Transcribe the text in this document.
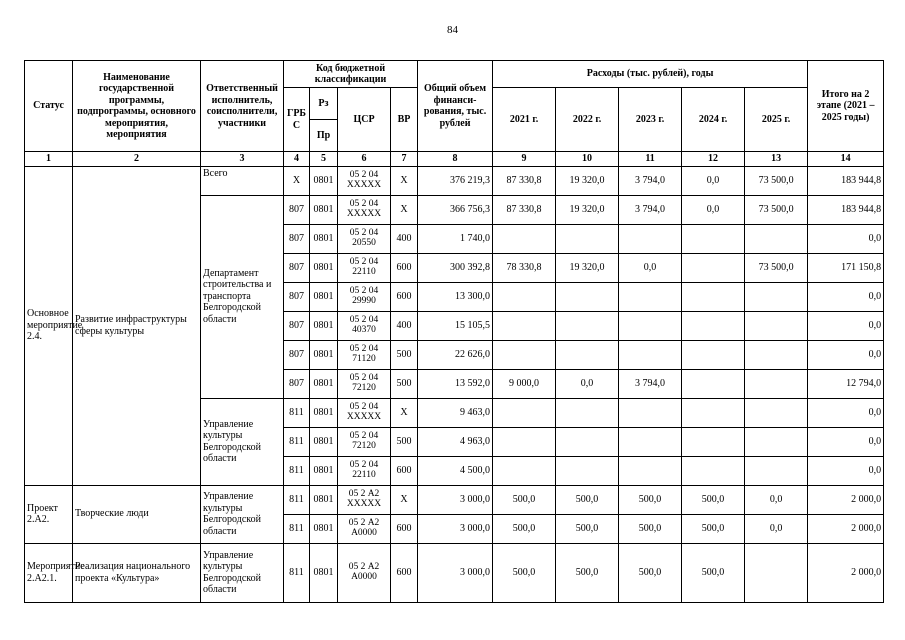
84
Статус	Наименование государственной программы, подпрограммы, основного мероприятия, мероприятия	Ответственный исполнитель, соисполнители, участники	Код бюджетной классификации				Общий объем финанси-рования, тыс. рублей	Расходы (тыс. рублей), годы					Итого на 2 этапе (2021 – 2025 годы)
			ГРБ С	Рз	ЦСР	ВР		2021 г.	2022 г.	2023 г.	2024 г.	2025 г.	
				Пр									
1	2	3	4	5	6	7	8	9	10	11	12	13	14
Основное мероприятие 2.4.	Развитие инфраструктуры сферы культуры	Всего	Х	0801	05 2 04 ХХХХХ	Х	376 219,3	87 330,8	19 320,0	3 794,0	0,0	73 500,0	183 944,8
		Департамент строительства и транспорта Белгородской области	807	0801	05 2 04 ХХХХХ	Х	366 756,3	87 330,8	19 320,0	3 794,0	0,0	73 500,0	183 944,8
			807	0801	05 2 04 20550	400	1 740,0						0,0
			807	0801	05 2 04 22110	600	300 392,8	78 330,8	19 320,0	0,0		73 500,0	171 150,8
			807	0801	05 2 04 29990	600	13 300,0						0,0
			807	0801	05 2 04 40370	400	15 105,5						0,0
			807	0801	05 2 04 71120	500	22 626,0						0,0
			807	0801	05 2 04 72120	500	13 592,0	9 000,0	0,0	3 794,0			12 794,0
		Управление культуры Белгородской области	811	0801	05 2 04 ХХХХХ	Х	9 463,0						0,0
			811	0801	05 2 04 72120	500	4 963,0						0,0
			811	0801	05 2 04 22110	600	4 500,0						0,0
Проект 2.А2.	Творческие люди	Управление культуры Белгородской области	811	0801	05 2 А2 ХХХХХ	Х	3 000,0	500,0	500,0	500,0	500,0	0,0	2 000,0
			811	0801	05 2 А2 А0000	600	3 000,0	500,0	500,0	500,0	500,0	0,0	2 000,0
Мероприятие 2.А2.1.	Реализация национального проекта «Культура»	Управление культуры Белгородской области	811	0801	05 2 А2 А0000	600	3 000,0	500,0	500,0	500,0	500,0		2 000,0
